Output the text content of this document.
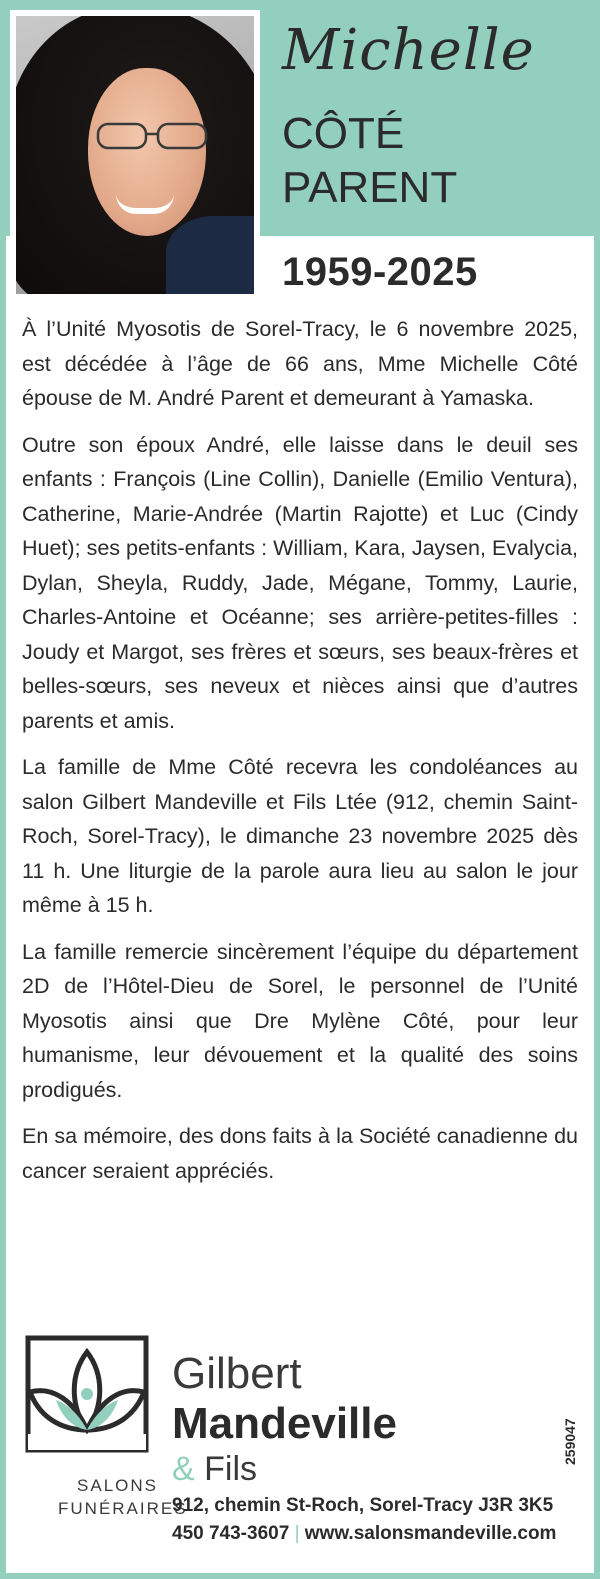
Michelle
CÔTÉ
PARENT
1959-2025

À l’Unité Myosotis de Sorel-Tracy, le 6 novembre 2025, est décédée à l’âge de 66 ans, Mme Michelle Côté épouse de M. André Parent et demeurant à Yamaska.

Outre son époux André, elle laisse dans le deuil ses enfants : François (Line Collin), Danielle (Emilio Ventura), Catherine, Marie-Andrée (Martin Rajotte) et Luc (Cindy Huet); ses petits-enfants : William, Kara, Jaysen, Evalycia, Dylan, Sheyla, Ruddy, Jade, Mégane, Tommy, Laurie, Charles-Antoine et Océanne; ses arrière-petites-filles : Joudy et Margot, ses frères et sœurs, ses beaux-frères et belles-sœurs, ses neveux et nièces ainsi que d’autres parents et amis.

La famille de Mme Côté recevra les condoléances au salon Gilbert Mandeville et Fils Ltée (912, chemin Saint-Roch, Sorel-Tracy), le dimanche 23 novembre 2025 dès 11 h. Une liturgie de la parole aura lieu au salon le jour même à 15 h.

La famille remercie sincèrement l’équipe du département 2D de l’Hôtel-Dieu de Sorel, le personnel de l’Unité Myosotis ainsi que Dre Mylène Côté, pour leur humanisme, leur dévouement et la qualité des soins prodigués.

En sa mémoire, des dons faits à la Société canadienne du cancer seraient appréciés.

Gilbert
Mandeville
& Fils
SALONS
FUNÉRAIRES
912, chemin St-Roch, Sorel-Tracy J3R 3K5
450 743-3607 | www.salonsmandeville.com
259047
